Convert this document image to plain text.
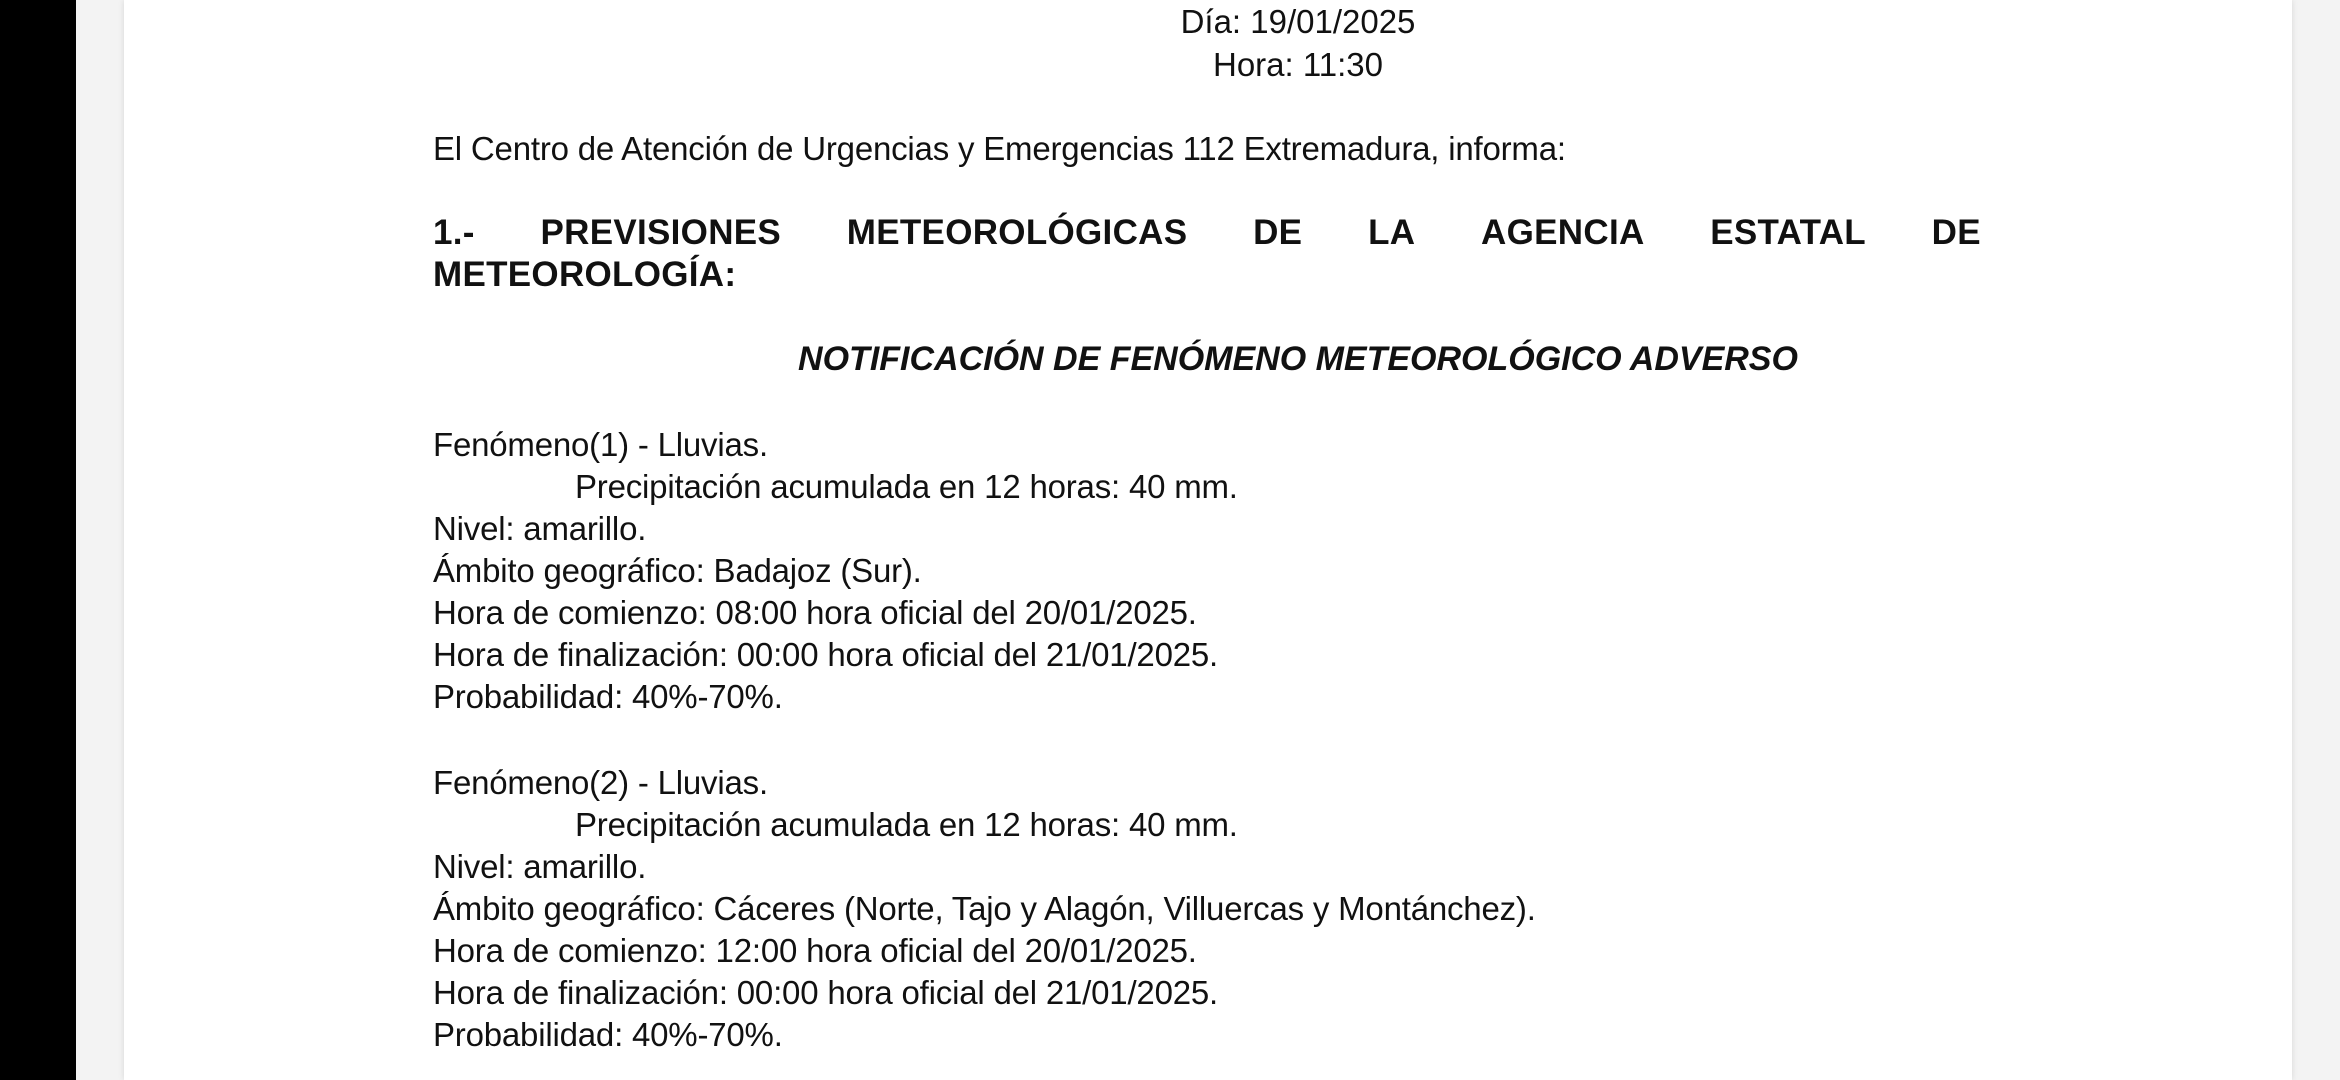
Día: 19/01/2025
Hora: 11:30
El Centro de Atención de Urgencias y Emergencias 112 Extremadura, informa:
1.- PREVISIONES METEOROLÓGICAS DE LA AGENCIA ESTATAL DE
METEOROLOGÍA:
NOTIFICACIÓN DE FENÓMENO METEOROLÓGICO ADVERSO
Fenómeno(1) - Lluvias.
Precipitación acumulada en 12 horas: 40 mm.
Nivel: amarillo.
Ámbito geográfico: Badajoz (Sur).
Hora de comienzo: 08:00 hora oficial del 20/01/2025.
Hora de finalización: 00:00 hora oficial del 21/01/2025.
Probabilidad: 40%-70%.
Fenómeno(2) - Lluvias.
Precipitación acumulada en 12 horas: 40 mm.
Nivel: amarillo.
Ámbito geográfico: Cáceres (Norte, Tajo y Alagón, Villuercas y Montánchez).
Hora de comienzo: 12:00 hora oficial del 20/01/2025.
Hora de finalización: 00:00 hora oficial del 21/01/2025.
Probabilidad: 40%-70%.
